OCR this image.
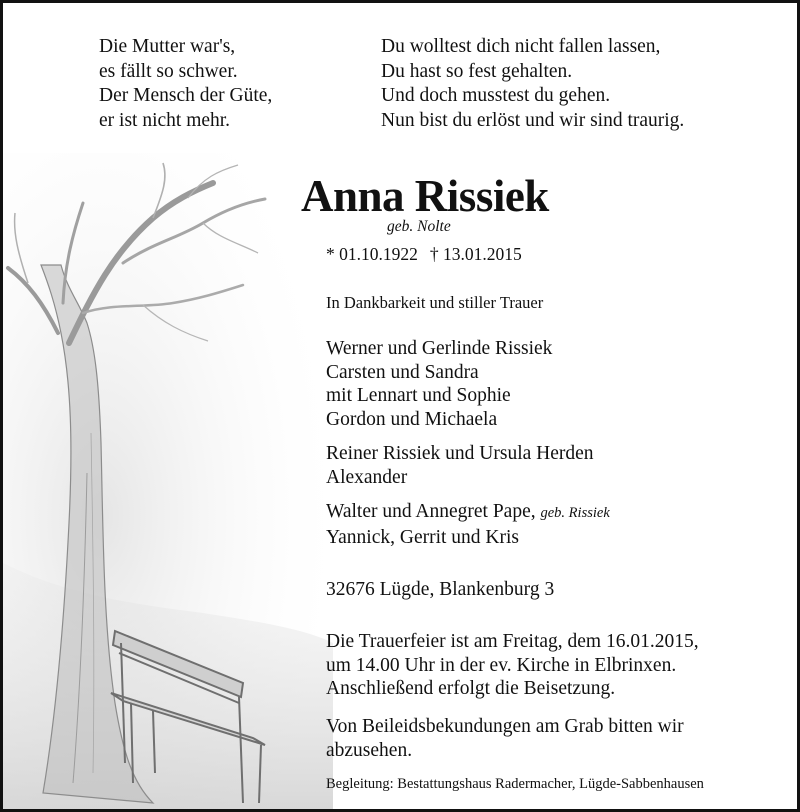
Die Mutter war's,
es fällt so schwer.
Der Mensch der Güte,
er ist nicht mehr.
Du wolltest dich nicht fallen lassen,
Du hast so fest gehalten.
Und doch musstest du gehen.
Nun bist du erlöst und wir sind traurig.
Anna Rissiek
geb. Nolte
* 01.10.1922 † 13.01.2015
In Dankbarkeit und stiller Trauer
Werner und Gerlinde Rissiek
Carsten und Sandra
mit Lennart und Sophie
Gordon und Michaela
Reiner Rissiek und Ursula Herden
Alexander
Walter und Annegret Pape, geb. Rissiek
Yannick, Gerrit und Kris
32676 Lügde, Blankenburg 3
Die Trauerfeier ist am Freitag, dem 16.01.2015,
um 14.00 Uhr in der ev. Kirche in Elbrinxen.
Anschließend erfolgt die Beisetzung.
Von Beileidsbekundungen am Grab bitten wir
abzusehen.
Begleitung: Bestattungshaus Radermacher, Lügde-Sabbenhausen
